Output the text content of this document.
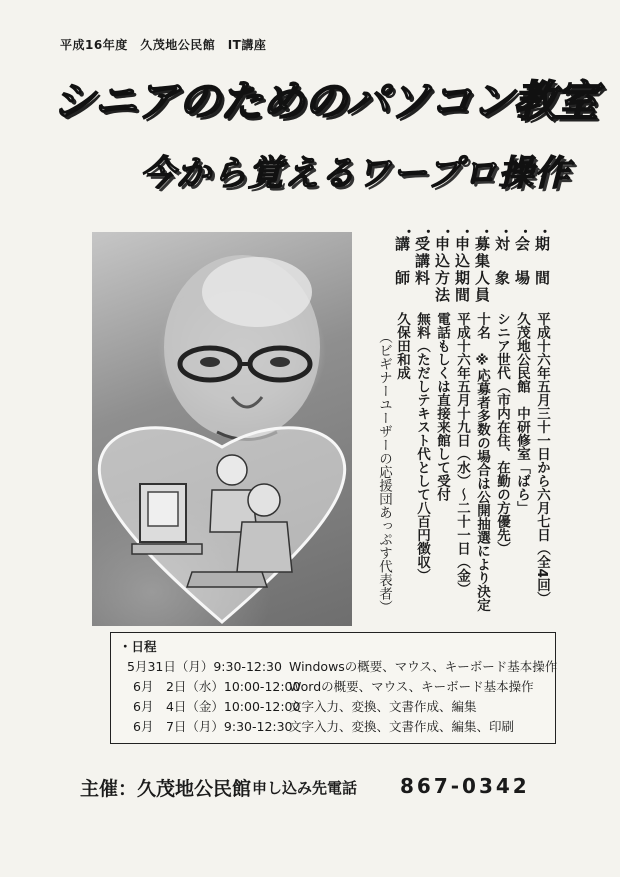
平成16年度　久茂地公民館　IT講座
シニアのためのパソコン教室
今から覚えるワープロ操作
・ ・ ・ ・ ・ ・ ・ ・
期　間
会　場
対　象
募集人員
申込期間
申込方法
受講料
講　師
平成十六年五月三十一日から六月七日（全4回）
久茂地公民館　中研修室「ばら」
シニア世代（市内在住、在勤の方優先）
十名　※応募者多数の場合は公開抽選により決定
平成十六年五月十九日（水）～二十一日（金）
電話もしくは直接来館して受付
無料（ただしテキスト代として八百円徴収）
久保田和成
（ビギナーユーザーの応援団あっぷす代表者）
・日程
5月31日（月）9:30-12:30 Windowsの概要、マウス、キーボード基本操作
6月　2日（水）10:00-12:00
Wordの概要、マウス、キーボード基本操作
6月　4日（金）10:00-12:00
文字入力、変換、文書作成、編集
6月　7日（月）9:30-12:30
文字入力、変換、文書作成、編集、印刷
主催：久茂地公民館 申し込み先電話 867-0342
